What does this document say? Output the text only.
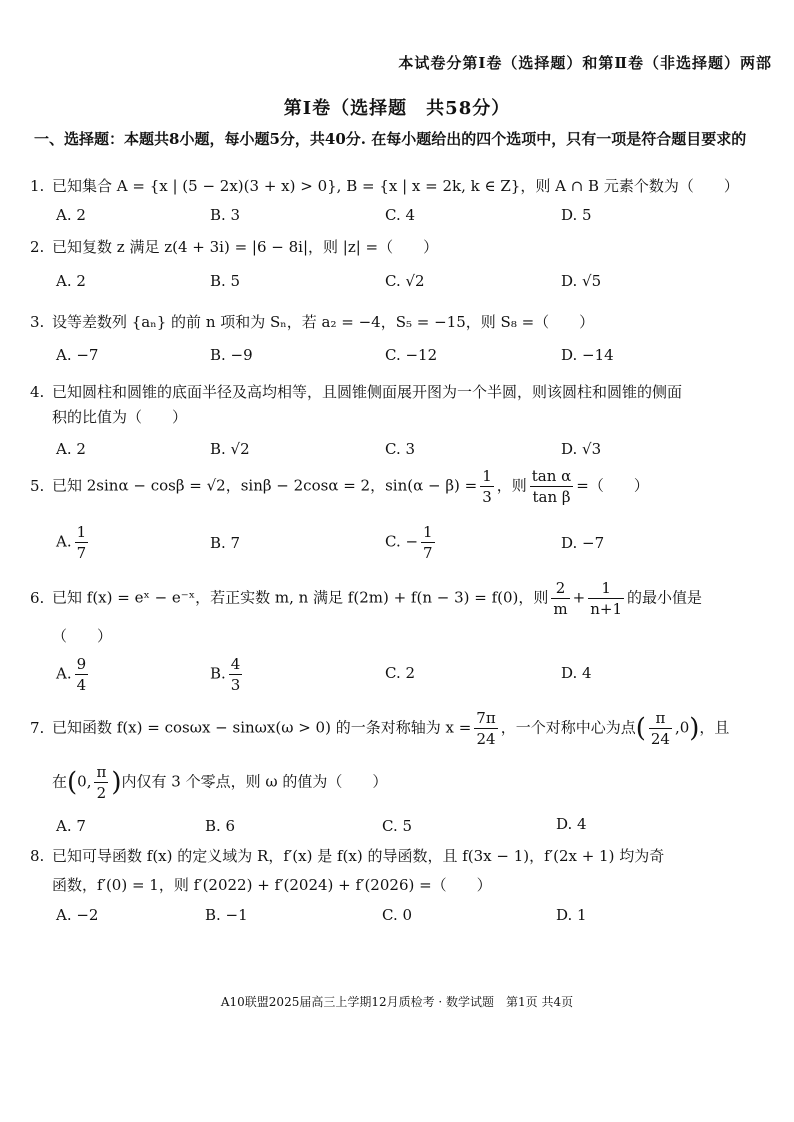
本试卷分第Ⅰ卷（选择题）和第Ⅱ卷（非选择题）两部
第Ⅰ卷（选择题　共58分）
一、选择题：本题共8小题，每小题5分，共40分. 在每小题给出的四个选项中，只有一项是符合题目要求的
1. 已知集合 A = {x | (5 − 2x)(3 + x) > 0}, B = {x | x = 2k, k ∈ Z}，则 A ∩ B 元素个数为（　　）
A. 2	B. 3	C. 4	D. 5
2. 已知复数 z 满足 z(4 + 3i) = |6 − 8i|，则 |z| =（　　）
A. 2	B. 5	C. √2	D. √5
3. 设等差数列 {aₙ} 的前 n 项和为 Sₙ，若 a₂ = −4，S₅ = −15，则 S₈ =（　　）
A. −7	B. −9	C. −12	D. −14
4. 已知圆柱和圆锥的底面半径及高均相等，且圆锥侧面展开图为一个半圆，则该圆柱和圆锥的侧面
积的比值为（　　）
A. 2	B. √2	C. 3	D. √3
5. 已知 2sinα − cosβ = √2，sinβ − 2cosα = 2，$\sin(\alpha - \beta) = \frac{1}{3}$ ，则 $\frac{\text{tan α}}{\text{tan β}}$ =（　　）
A. $\frac{1}{7}$	B. 7	C. − $\frac{1}{7}$	D. −7
6. 已知 f(x) = eˣ − e⁻ˣ，若正实数 m, n 满足 f(2m) + f(n − 3) = f(0)，则 $\frac{2}{m} + \frac{1}{n+1}$ 的最小值是
（　　）
A. $\frac{9}{4}$	B. $\frac{4}{3}$	C. 2	D. 4
7. 已知函数 f(x) = cosωx − sinωx(ω > 0) 的一条对称轴为 $x = \frac{7\pi}{24}$ ，一个对称中心为点( $\frac{\pi}{24} ,0$)，且
在(0, $\frac{\pi}{2}$ )内仅有 3 个零点，则 ω 的值为（　　）
A. 7	B. 6	C. 5	D. 4
8. 已知可导函数 f(x) 的定义域为 R，f′(x) 是 f(x) 的导函数，且 f(3x − 1)，f′(2x + 1) 均为奇
函数，f′(0) = 1，则 f′(2022) + f′(2024) + f′(2026) =（　　）
A. −2	B. −1	C. 0	D. 1
A10联盟2025届高三上学期12月质检考 · 数学试题　第1页 共4页
